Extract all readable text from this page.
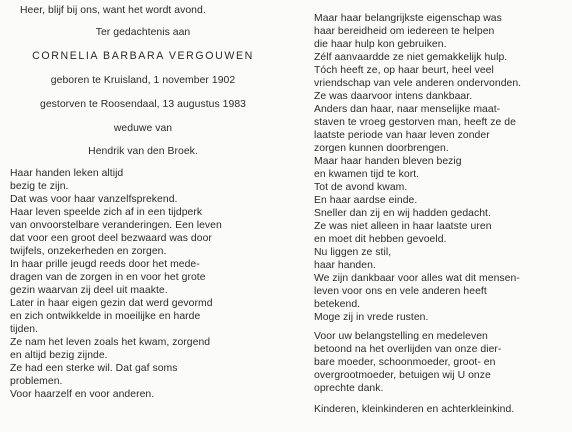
Heer, blijf bij ons, want het wordt avond.
Ter gedachtenis aan
CORNELIA BARBARA VERGOUWEN
geboren te Kruisland, 1 november 1902
gestorven te Roosendaal, 13 augustus 1983
weduwe van
Hendrik van den Broek.
Haar handen leken altijd
bezig te zijn.
Dat was voor haar vanzelfsprekend.
Haar leven speelde zich af in een tijdperk
van onvoorstelbare veranderingen. Een leven
dat voor een groot deel bezwaard was door
twijfels, onzekerheden en zorgen.
In haar prille jeugd reeds door het mede-
dragen van de zorgen in en voor het grote
gezin waarvan zij deel uit maakte.
Later in haar eigen gezin dat werd gevormd
en zich ontwikkelde in moeilijke en harde
tijden.
Ze nam het leven zoals het kwam, zorgend
en altijd bezig zijnde.
Ze had een sterke wil. Dat gaf soms
problemen.
Voor haarzelf en voor anderen.
Maar haar belangrijkste eigenschap was
haar bereidheid om iedereen te helpen
die haar hulp kon gebruiken.
Zélf aanvaardde ze niet gemakkelijk hulp.
Tóch heeft ze, op haar beurt, heel veel
vriendschap van vele anderen ondervonden.
Ze was daarvoor intens dankbaar.
Anders dan haar, naar menselijke maat-
staven te vroeg gestorven man, heeft ze de
laatste periode van haar leven zonder
zorgen kunnen doorbrengen.
Maar haar handen bleven bezig
en kwamen tijd te kort.
Tot de avond kwam.
En haar aardse einde.
Sneller dan zij en wij hadden gedacht.
Ze was niet alleen in haar laatste uren
en moet dit hebben gevoeld.
Nu liggen ze stil,
haar handen.
We zijn dankbaar voor alles wat dit mensen-
leven voor ons en vele anderen heeft
betekend.
Moge zij in vrede rusten.
Voor uw belangstelling en medeleven
betoond na het overlijden van onze dier-
bare moeder, schoonmoeder, groot- en
overgrootmoeder, betuigen wij U onze
oprechte dank.
Kinderen, kleinkinderen en achterkleinkind.
